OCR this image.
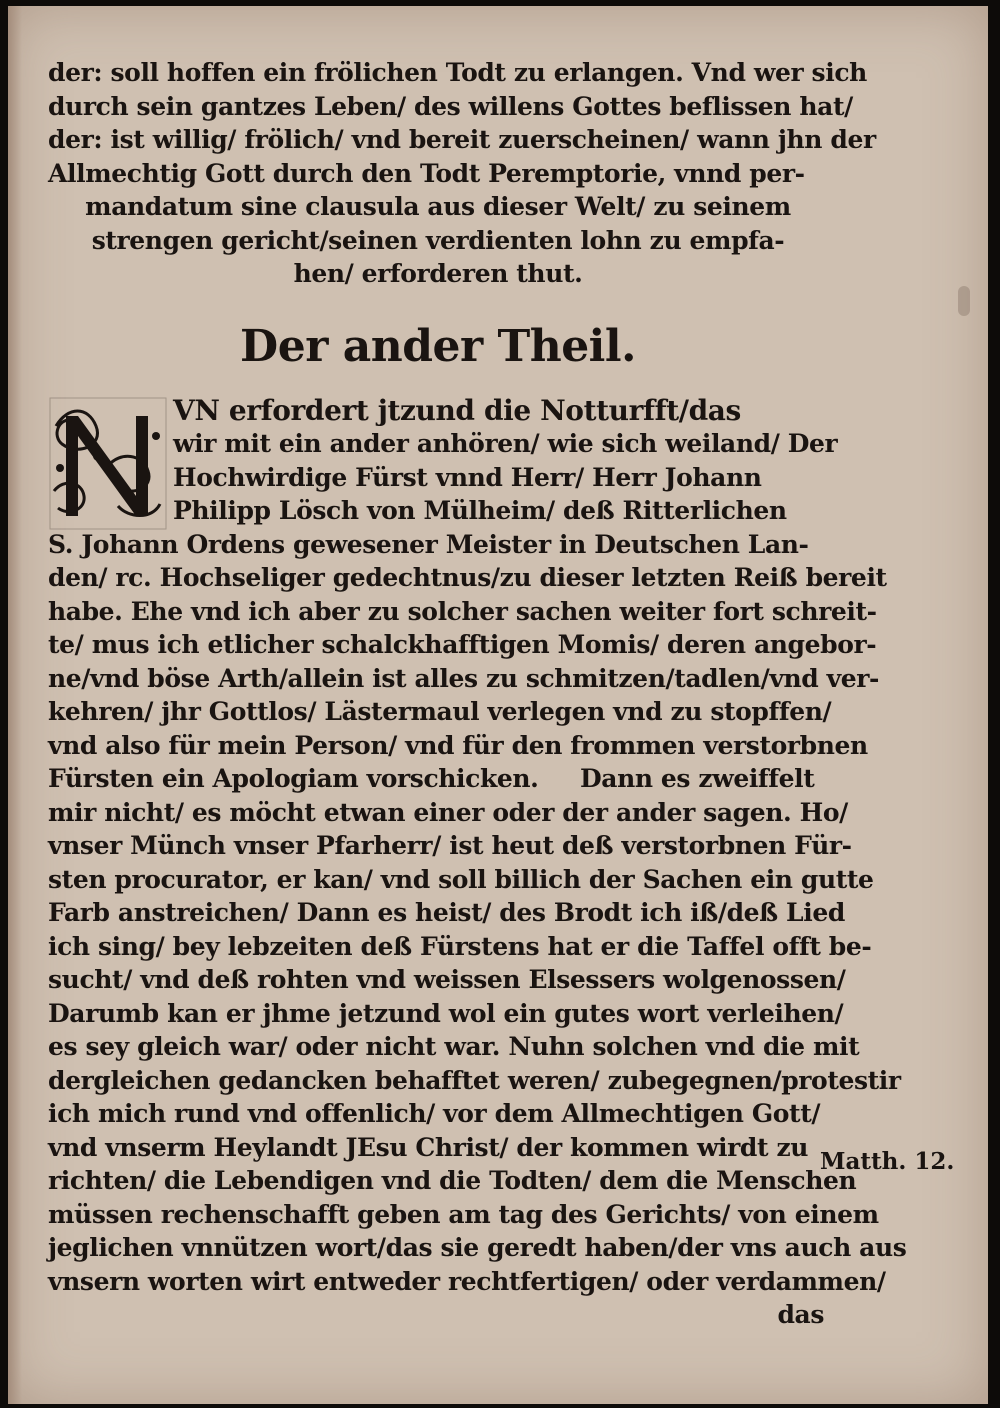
der: soll hoffen ein frölichen Todt zu erlangen. Vnd wer sich
durch sein gantzes Leben/ des willens Gottes beflissen hat/
der: ist willig/ frölich/ vnd bereit zuerscheinen/ wann jhn der
Allmechtig Gott durch den Todt Peremptorie, vnnd per-
mandatum sine clausula aus dieser Welt/ zu seinem
strengen gericht/seinen verdienten lohn zu empfa-
hen/ erforderen thut.
Der ander Theil.
VN erfordert jtzund die Notturfft/das
wir mit ein ander anhören/ wie sich weiland/ Der
Hochwirdige Fürst vnnd Herr/ Herr Johann
Philipp Lösch von Mülheim/ deß Ritterlichen
S. Johann Ordens gewesener Meister in Deutschen Lan-
den/ rc. Hochseliger gedechtnus/zu dieser letzten Reiß bereit
habe. Ehe vnd ich aber zu solcher sachen weiter fort schreit-
te/ mus ich etlicher schalckhafftigen Momis/ deren angebor-
ne/vnd böse Arth/allein ist alles zu schmitzen/tadlen/vnd ver-
kehren/ jhr Gottlos/ Lästermaul verlegen vnd zu stopffen/
vnd also für mein Person/ vnd für den frommen verstorbnen
Fürsten ein Apologiam vorschicken.     Dann es zweiffelt
mir nicht/ es möcht etwan einer oder der ander sagen. Ho/
vnser Münch vnser Pfarherr/ ist heut deß verstorbnen Für-
sten procurator, er kan/ vnd soll billich der Sachen ein gutte
Farb anstreichen/ Dann es heist/ des Brodt ich iß/deß Lied
ich sing/ bey lebzeiten deß Fürstens hat er die Taffel offt be-
sucht/ vnd deß rohten vnd weissen Elsessers wolgenossen/
Darumb kan er jhme jetzund wol ein gutes wort verleihen/
es sey gleich war/ oder nicht war. Nuhn solchen vnd die mit
dergleichen gedancken behafftet weren/ zubegegnen/protestir
ich mich rund vnd offenlich/ vor dem Allmechtigen Gott/
vnd vnserm Heylandt JEsu Christ/ der kommen wirdt zu
richten/ die Lebendigen vnd die Todten/ dem die Menschen
müssen rechenschafft geben am tag des Gerichts/ von einem
jeglichen vnnützen wort/das sie geredt haben/der vns auch aus
vnsern worten wirt entweder rechtfertigen/ oder verdammen/
das
Matth. 12.
